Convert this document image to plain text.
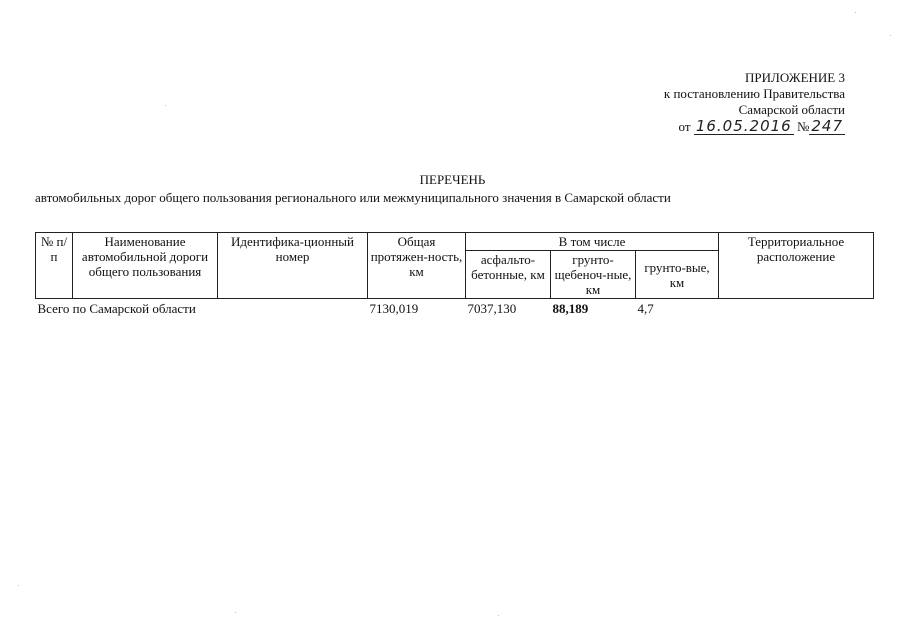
ПРИЛОЖЕНИЕ 3
к постановлению Правительства
Самарской области
от 16.05.2016 № 247
ПЕРЕЧЕНЬ
автомобильных дорог общего пользования регионального или межмуниципального значения в Самарской области
№ п/п	Наименование автомобильной дороги общего пользования	Идентифика-ционный номер	Общая протяжен-ность, км	В том числе			Территориальное расположение
				асфальто-бетонные, км	грунто-щебеноч-ные, км	грунто-вые, км	
Всего по Самарской области			7130,019	7037,130	88,189	4,7	
